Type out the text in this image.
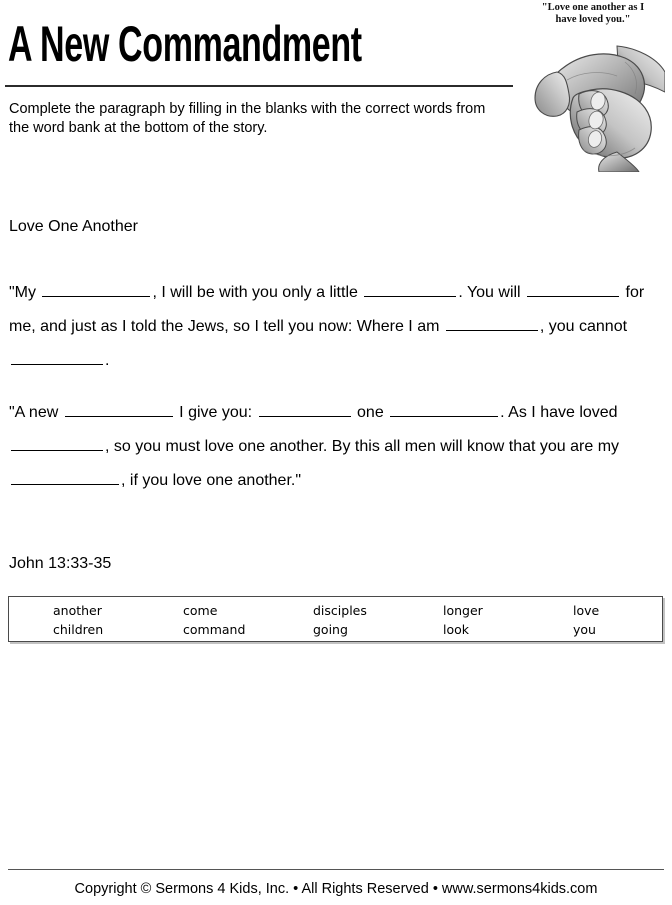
A New Commandment
Complete the paragraph by filling in the blanks with the correct words from the word bank at the bottom of the story.
"Love one another as I
have loved you."
Love One Another

"My	, I will be with you only a little	. You will	for me, and just as I told the Jews, so I tell you now: Where I am	, you cannot .

"A new	I give you:	one	. As I have loved , so you must love one another. By this all men will know that you are my , if you love one another."

John 13:33-35
another	come	disciples	longer	love
children	command	going	look	you
Copyright © Sermons 4 Kids, Inc. • All Rights Reserved • www.sermons4kids.com
